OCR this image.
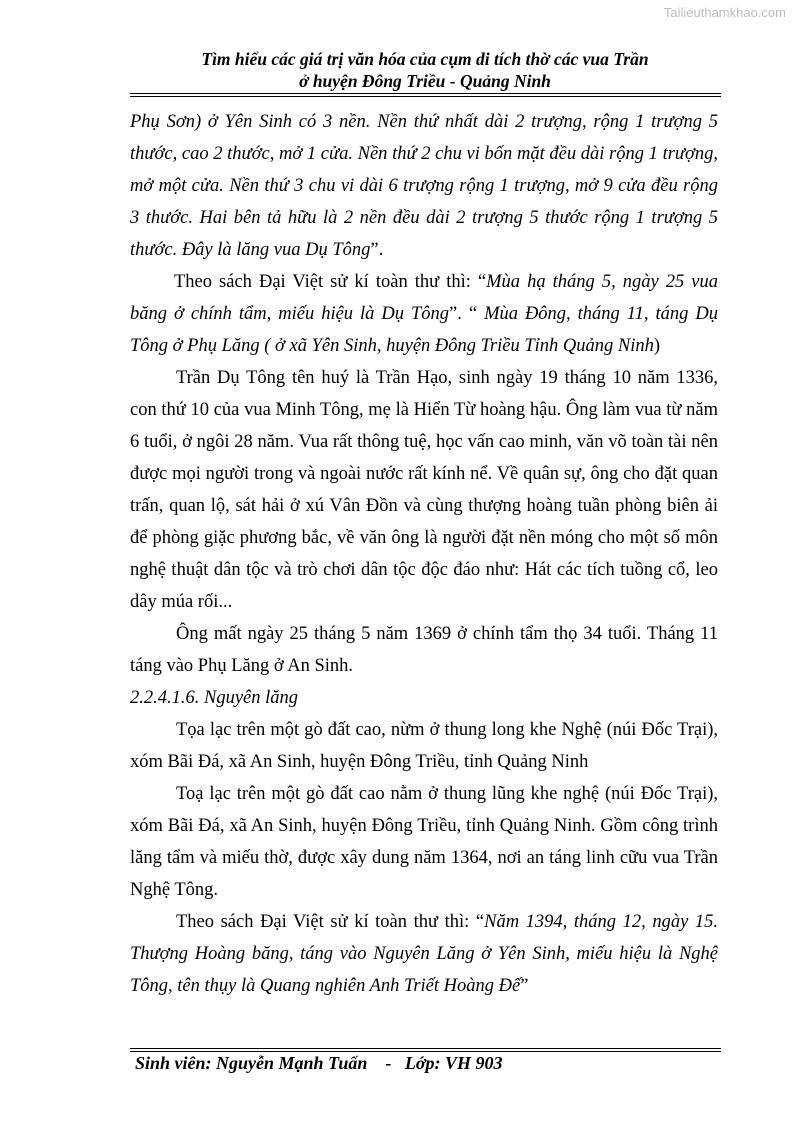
Tailieuthamkhao.com
Tìm hiểu các giá trị văn hóa của cụm di tích thờ các vua Trần
ở huyện Đông Triều - Quảng Ninh

Phụ Sơn) ở Yên Sinh có 3 nền. Nền thứ nhất dài 2 trượng, rộng 1 trượng 5 thước, cao 2 thước, mở 1 cửa. Nền thứ 2 chu vi bốn mặt đều dài rộng 1 trượng, mở một cửa. Nền thứ 3 chu vi dài 6 trượng rộng 1 trượng, mở 9 cửa đều rộng 3 thước. Hai bên tả hữu là 2 nền đều dài 2 trượng 5 thước rộng 1 trượng 5 thước. Đây là lăng vua Dụ Tông”.

Theo sách Đại Việt sử kí toàn thư thì: “Mùa hạ tháng 5, ngày 25 vua băng ở chính tẩm, miếu hiệu là Dụ Tông”. “ Mùa Đông, tháng 11, táng Dụ Tông ở Phụ Lăng ( ở xã Yên Sinh, huyện Đông Triều Tỉnh Quảng Ninh)

Trần Dụ Tông tên huý là Trần Hạo, sinh ngày 19 tháng 10 năm 1336, con thứ 10 của vua Minh Tông, mẹ là Hiển Từ hoàng hậu. Ông làm vua từ năm 6 tuổi, ở ngôi 28 năm. Vua rất thông tuệ, học vấn cao minh, văn võ toàn tài nên được mọi người trong và ngoài nước rất kính nể. Về quân sự, ông cho đặt quan trấn, quan lộ, sát hải ở xú Vân Đồn và cùng thượng hoàng tuần phòng biên ải để phòng giặc phương bắc, về văn ông là người đặt nền móng cho một số môn nghệ thuật dân tộc và trò chơi dân tộc độc đáo như: Hát các tích tuồng cổ, leo dây múa rối...

Ông mất ngày 25 tháng 5 năm 1369 ở chính tẩm thọ 34 tuổi. Tháng 11 táng vào Phụ Lăng ở An Sinh.

2.2.4.1.6. Nguyên lăng

Tọa lạc trên một gò đất cao, nừm ở thung long khe Nghệ (núi Đốc Trại), xóm Bãi Đá, xã An Sinh, huyện Đông Triều, tỉnh Quảng Ninh

Toạ lạc trên một gò đất cao nằm ở thung lũng khe nghệ (núi Đốc Trại), xóm Bãi Đá, xã An Sinh, huyện Đông Triều, tỉnh Quảng Ninh. Gồm công trình lăng tẩm và miếu thờ, được xây dung năm 1364, nơi an táng linh cữu vua Trần Nghệ Tông.

Theo sách Đại Việt sử kí toàn thư thì: “Năm 1394, tháng 12, ngày 15. Thượng Hoàng băng, táng vào Nguyên Lăng ở Yên Sinh, miếu hiệu là Nghệ Tông, tên thụy là Quang nghiên Anh Triết Hoàng Đế”

Sinh viên: Nguyễn Mạnh Tuấn    -   Lớp: VH 903
